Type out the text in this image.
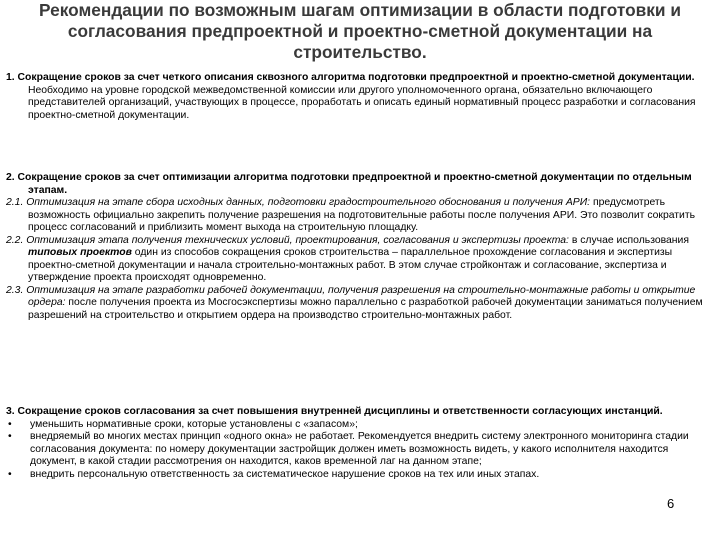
Рекомендации по возможным шагам оптимизации в области подготовки и согласования предпроектной и проектно-сметной документации на строительство.

1. Сокращение сроков за счет четкого описания сквозного алгоритма подготовки предпроектной и проектно-сметной документации.

Необходимо на уровне городской межведомственной комиссии или другого уполномоченного органа, обязательно включающего представителей организаций, участвующих в процессе, проработать и описать единый нормативный процесс разработки и согласования проектно-сметной документации.

2. Сокращение сроков за счет оптимизации алгоритма подготовки предпроектной и проектно-сметной документации по отдельным этапам.

2.1. Оптимизация на этапе сбора исходных данных, подготовки градостроительного обоснования и получения АРИ: предусмотреть возможность официально закрепить получение разрешения на подготовительные работы после получения АРИ. Это позволит сократить процесс согласований и приблизить момент выхода на строительную площадку.

2.2. Оптимизация этапа получения технических условий, проектирования, согласования и экспертизы проекта: в случае использования типовых проектов один из способов сокращения сроков строительства – параллельное прохождение согласования и экспертизы проектно-сметной документации и начала строительно-монтажных работ. В этом случае стройконтаж и согласование, экспертиза и утверждение проекта происходят одновременно.

2.3. Оптимизация на этапе разработки рабочей документации, получения разрешения на строительно-монтажные работы и открытие ордера: после получения проекта из Мосгосэкспертизы можно параллельно с разработкой рабочей документации заниматься получением разрешений на строительство и открытием ордера на производство строительно-монтажных работ.

3. Сокращение сроков согласования за счет повышения внутренней дисциплины и ответственности согласующих инстанций.

• уменьшить нормативные сроки, которые установлены с «запасом»;

• внедряемый во многих местах принцип «одного окна» не работает. Рекомендуется внедрить систему электронного мониторинга стадии согласования документа: по номеру документации застройщик должен иметь возможность видеть, у какого исполнителя находится документ, в какой стадии рассмотрения он находится, каков временной лаг на данном этапе;

• внедрить персональную ответственность за систематическое нарушение сроков на тех или иных этапах.

6
